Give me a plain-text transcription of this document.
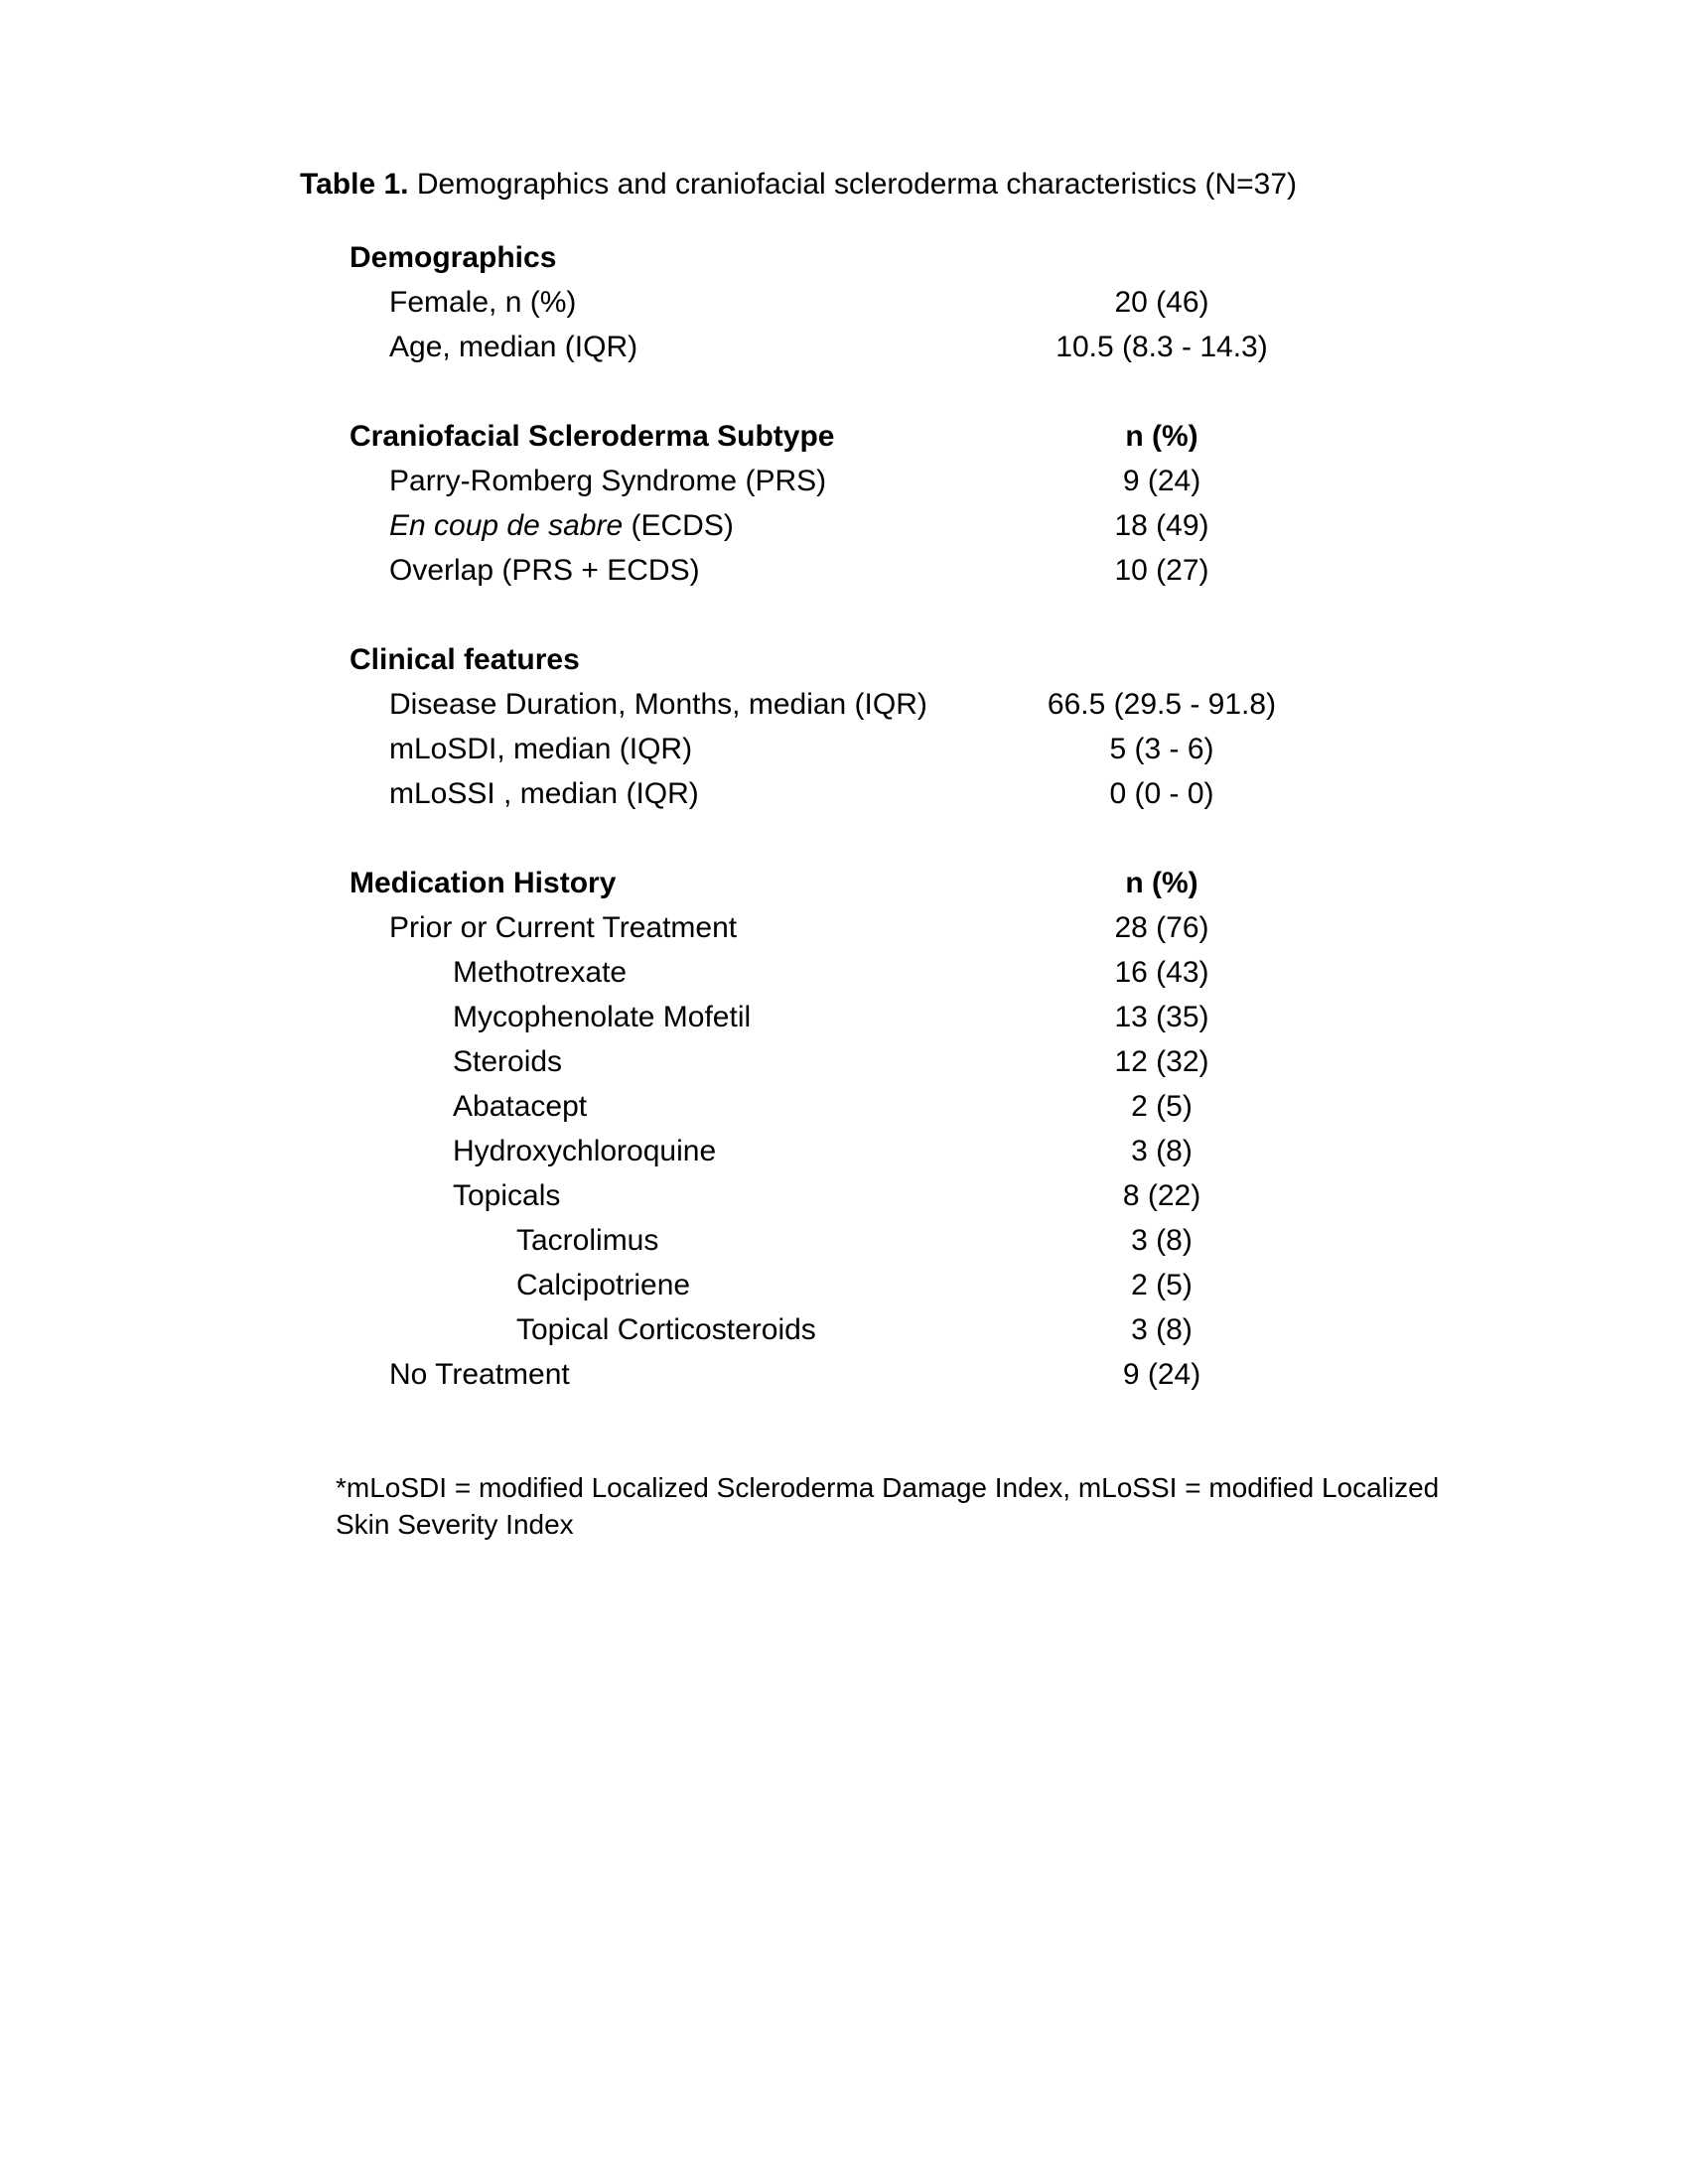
Table 1. Demographics and craniofacial scleroderma characteristics (N=37)
Demographics
Female, n (%)	20 (46)
Age, median (IQR)	10.5 (8.3 - 14.3)
Craniofacial Scleroderma Subtype	n (%)
Parry-Romberg Syndrome (PRS)	9 (24)
En coup de sabre (ECDS)	18 (49)
Overlap (PRS + ECDS)	10 (27)
Clinical features
Disease Duration, Months, median (IQR)	66.5 (29.5 - 91.8)
mLoSDI, median (IQR)	5 (3 - 6)
mLoSSI , median (IQR)	0 (0 - 0)
Medication History	n (%)
Prior or Current Treatment	28 (76)
Methotrexate	16 (43)
Mycophenolate Mofetil	13 (35)
Steroids	12 (32)
Abatacept	2 (5)
Hydroxychloroquine	3 (8)
Topicals	8 (22)
Tacrolimus	3 (8)
Calcipotriene	2 (5)
Topical Corticosteroids	3 (8)
No Treatment	9 (24)
*mLoSDI = modified Localized Scleroderma Damage Index, mLoSSI = modified Localized
Skin Severity Index
